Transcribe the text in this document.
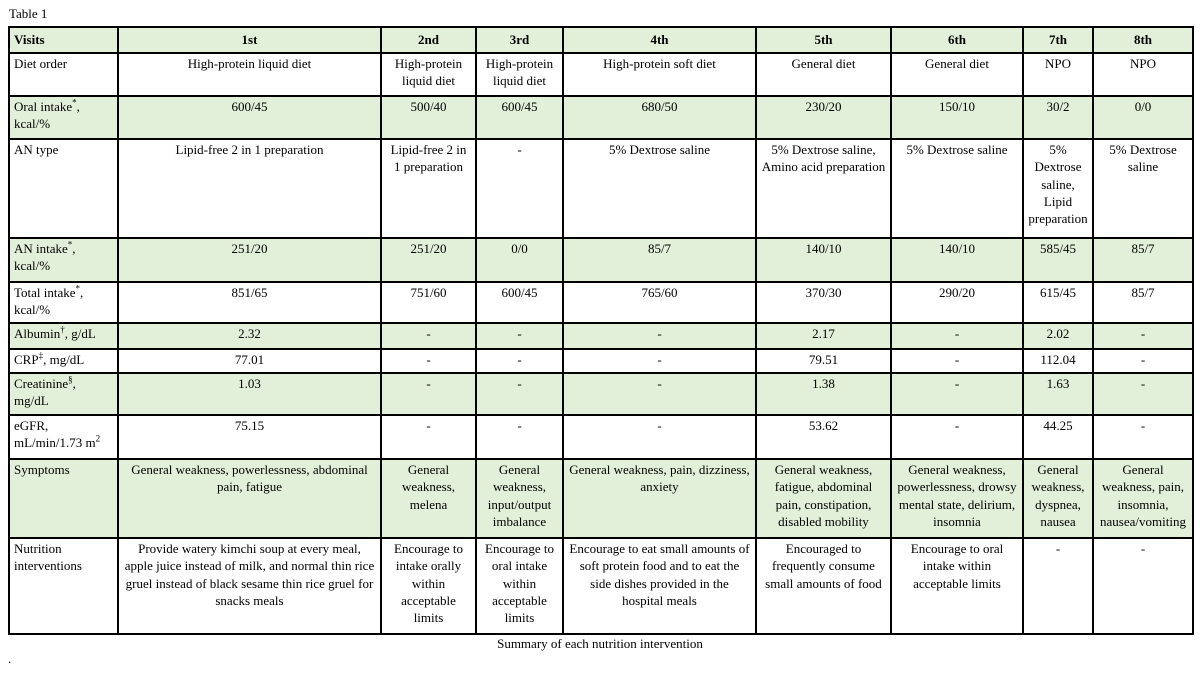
Table 1
Visits	1st	2nd	3rd	4th	5th	6th	7th	8th
Diet order	High-protein liquid diet	High-protein liquid diet	High-protein liquid diet	High-protein soft diet	General diet	General diet	NPO	NPO
Oral intake*, kcal/%	600/45	500/40	600/45	680/50	230/20	150/10	30/2	0/0
AN type	Lipid-free 2 in 1 preparation	Lipid-free 2 in 1 preparation	-	5% Dextrose saline	5% Dextrose saline, Amino acid preparation	5% Dextrose saline	5% Dextrose saline, Lipid preparation	5% Dextrose saline
AN intake*, kcal/%	251/20	251/20	0/0	85/7	140/10	140/10	585/45	85/7
Total intake*, kcal/%	851/65	751/60	600/45	765/60	370/30	290/20	615/45	85/7
Albumin†, g/dL	2.32	-	-	-	2.17	-	2.02	-
CRP‡, mg/dL	77.01	-	-	-	79.51	-	112.04	-
Creatinine§, mg/dL	1.03	-	-	-	1.38	-	1.63	-
eGFR, mL/min/1.73 $m^2$	75.15	-	-	-	53.62	-	44.25	-
Symptoms	General weakness, powerlessness, abdominal pain, fatigue	General weakness, melena	General weakness, input/output imbalance	General weakness, pain, dizziness, anxiety	General weakness, fatigue, abdominal pain, constipation, disabled mobility	General weakness, powerlessness, drowsy mental state, delirium, insomnia	General weakness, dyspnea, nausea	General weakness, pain, insomnia, nausea/vomiting
Nutrition interventions	Provide watery kimchi soup at every meal, apple juice instead of milk, and normal thin rice gruel instead of black sesame thin rice gruel for snacks meals	Encourage to intake orally within acceptable limits	Encourage to oral intake within acceptable limits	Encourage to eat small amounts of soft protein food and to eat the side dishes provided in the hospital meals	Encouraged to frequently consume small amounts of food	Encourage to oral intake within acceptable limits	-	-
Summary of each nutrition intervention
.
